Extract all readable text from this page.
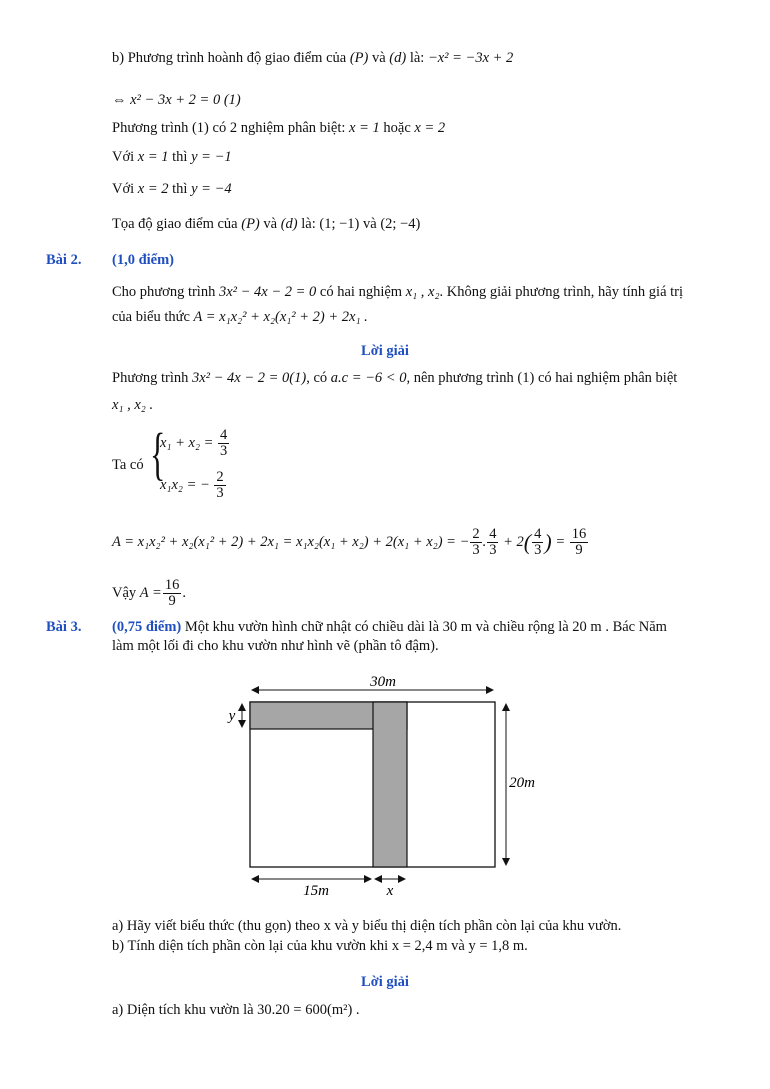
b) Phương trình hoành độ giao điểm của (P) và (d) là: −x² = −3x + 2
⇔ x² − 3x + 2 = 0 (1)
Phương trình (1) có 2 nghiệm phân biệt: x = 1 hoặc x = 2
Với x = 1 thì y = −1
Với x = 2 thì y = −4
Tọa độ giao điểm của (P) và (d) là: (1; −1) và (2; −4)
Bài 2. (1,0 điểm)
Cho phương trình 3x² − 4x − 2 = 0 có hai nghiệm x₁ , x₂. Không giải phương trình, hãy tính giá trị
của biểu thức A = x₁x₂² + x₂(x₁² + 2) + 2x₁ .
Lời giải
Phương trình 3x² − 4x − 2 = 0(1), có a.c = −6 < 0, nên phương trình (1) có hai nghiệm phân biệt
x₁ , x₂ .
Ta có {
$x_1 + x_2 = \frac{4}{3}$
x₁x₂ = − $\frac{2}{3}$
A = x₁x₂² + x₂(x₁² + 2) + 2x₁ = x₁x₂(x₁ + x₂) + 2(x₁ + x₂) = − $\frac{2}{3}$ . $\frac{4}{3} + 2( \frac{4}{3}$ ) = $\frac{16}{9}$
Vậy $A = \frac{16}{9}$ .
Bài 3. (0,75 điểm) Một khu vườn hình chữ nhật có chiều dài là 30 m và chiều rộng là 20 m . Bác Năm
làm một lối đi cho khu vườn như hình vẽ (phần tô đậm).
30m
20m
y
15m	x
a) Hãy viết biểu thức (thu gọn) theo x và y biểu thị diện tích phần còn lại của khu vườn.
b) Tính diện tích phần còn lại của khu vườn khi x = 2,4 m và y = 1,8 m.
Lời giải
a) Diện tích khu vườn là 30.20 = 600(m²) .
